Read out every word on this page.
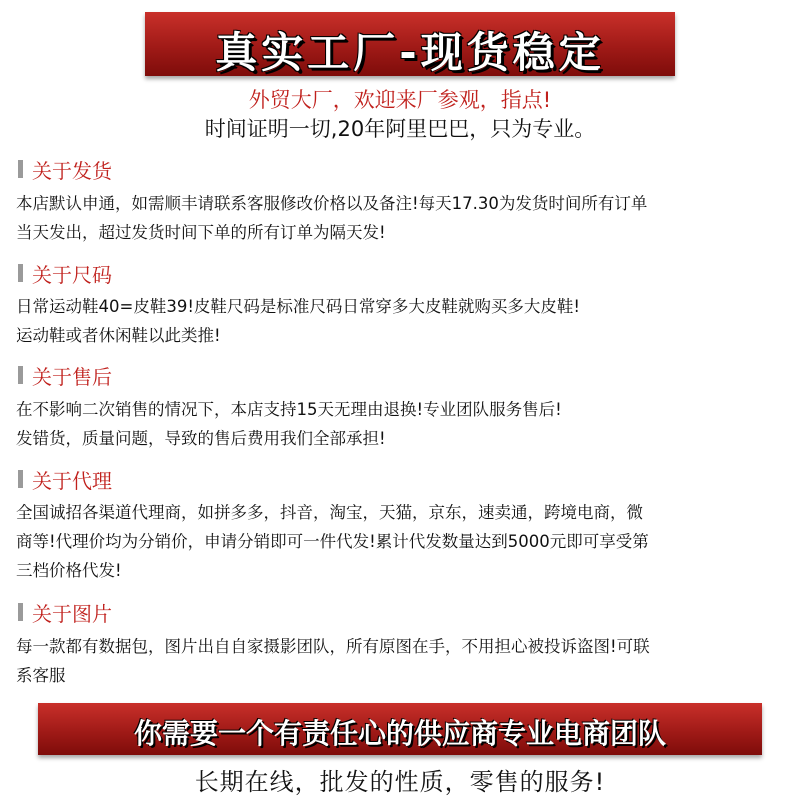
真实工厂-现货稳定
外贸大厂，欢迎来厂参观，指点!
时间证明一切,20年阿里巴巴，只为专业。
关于发货
本店默认申通，如需顺丰请联系客服修改价格以及备注!每天17.30为发货时间所有订单
当天发出，超过发货时间下单的所有订单为隔天发!
关于尺码
日常运动鞋40=皮鞋39!皮鞋尺码是标准尺码日常穿多大皮鞋就购买多大皮鞋!
运动鞋或者休闲鞋以此类推!
关于售后
在不影响二次销售的情况下，本店支持15天无理由退换!专业团队服务售后!
发错货，质量问题，导致的售后费用我们全部承担!
关于代理
全国诚招各渠道代理商，如拼多多，抖音，淘宝，天猫，京东，速卖通，跨境电商，微
商等!代理价均为分销价，申请分销即可一件代发!累计代发数量达到5000元即可享受第
三档价格代发!
关于图片
每一款都有数据包，图片出自自家摄影团队，所有原图在手，不用担心被投诉盗图!可联
系客服
你需要一个有责任心的供应商专业电商团队
长期在线，批发的性质，零售的服务!
